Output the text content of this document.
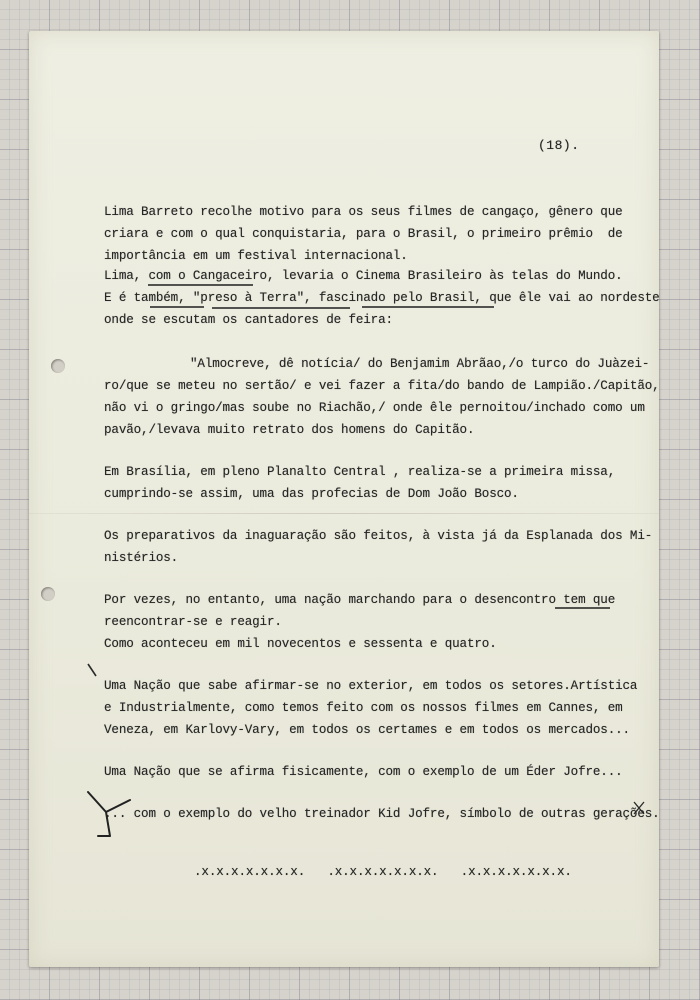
(18).

Lima Barreto recolhe motivo para os seus filmes de cangaço, gênero que

criara e com o qual conquistaria, para o Brasil, o primeiro prêmio  de

importância em um festival internacional.

Lima, com o Cangaceiro, levaria o Cinema Brasileiro às telas do Mundo.

E é também, "preso à Terra", fascinado pelo Brasil, que êle vai ao nordeste

onde se escutam os cantadores de feira:

"Almocreve, dê notícia/ do Benjamim Abrãao,/o turco do Juàzei-

ro/que se meteu no sertão/ e vei fazer a fita/do bando de Lampião./Capitão,

não vi o gringo/mas soube no Riachão,/ onde êle pernoitou/inchado como um

pavão,/levava muito retrato dos homens do Capitão.

Em Brasília, em pleno Planalto Central , realiza-se a primeira missa,

cumprindo-se assim, uma das profecias de Dom João Bosco.

Os preparativos da inaguaração são feitos, à vista já da Esplanada dos Mi-

nistérios.

Por vezes, no entanto, uma nação marchando para o desencontro tem que

reencontrar-se e reagir.

Como aconteceu em mil novecentos e sessenta e quatro.

Uma Nação que sabe afirmar-se no exterior, em todos os setores.Artística

e Industrialmente, como temos feito com os nossos filmes em Cannes, em

Veneza, em Karlovy-Vary, em todos os certames e em todos os mercados...

Uma Nação que se afirma fisicamente, com o exemplo de um Éder Jofre...

... com o exemplo do velho treinador Kid Jofre, símbolo de outras gerações.

.x.x.x.x.x.x.x.   .x.x.x.x.x.x.x.   .x.x.x.x.x.x.x.
